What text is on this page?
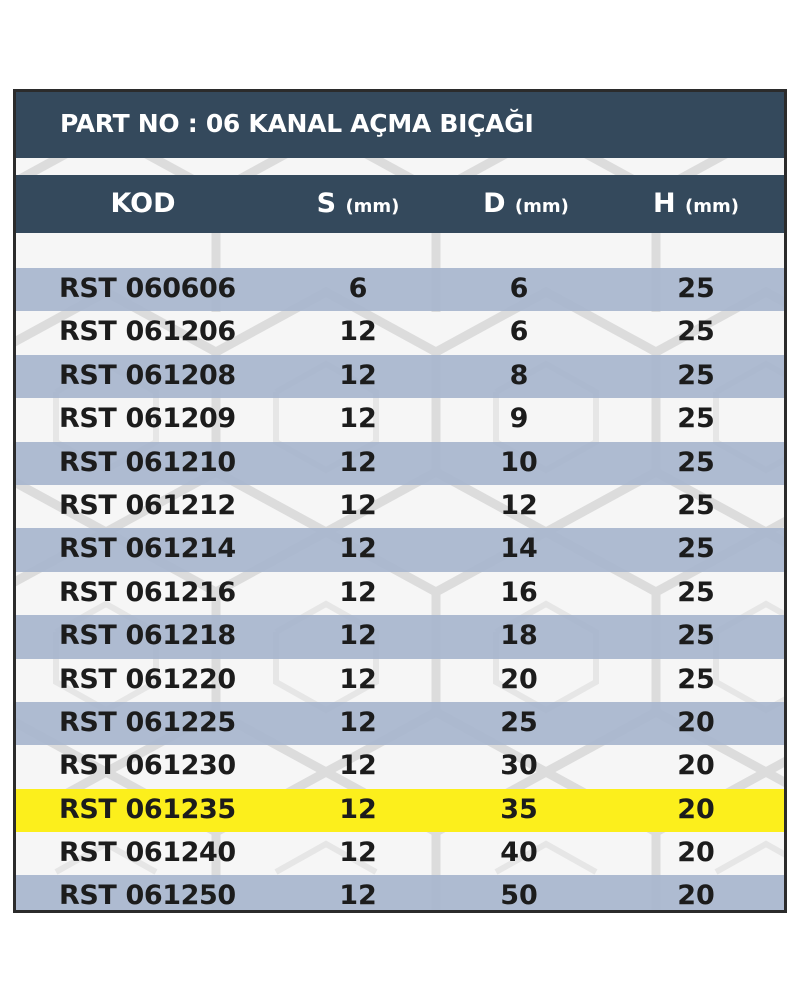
PART NO : 06 KANAL AÇMA BIÇAĞI
KOD	S (mm)	D (mm)	H (mm)
RST 060606	6	6	25
RST 061206	12	6	25
RST 061208	12	8	25
RST 061209	12	9	25
RST 061210	12	10	25
RST 061212	12	12	25
RST 061214	12	14	25
RST 061216	12	16	25
RST 061218	12	18	25
RST 061220	12	20	25
RST 061225	12	25	20
RST 061230	12	30	20
RST 061235	12	35	20
RST 061240	12	40	20
RST 061250	12	50	20
